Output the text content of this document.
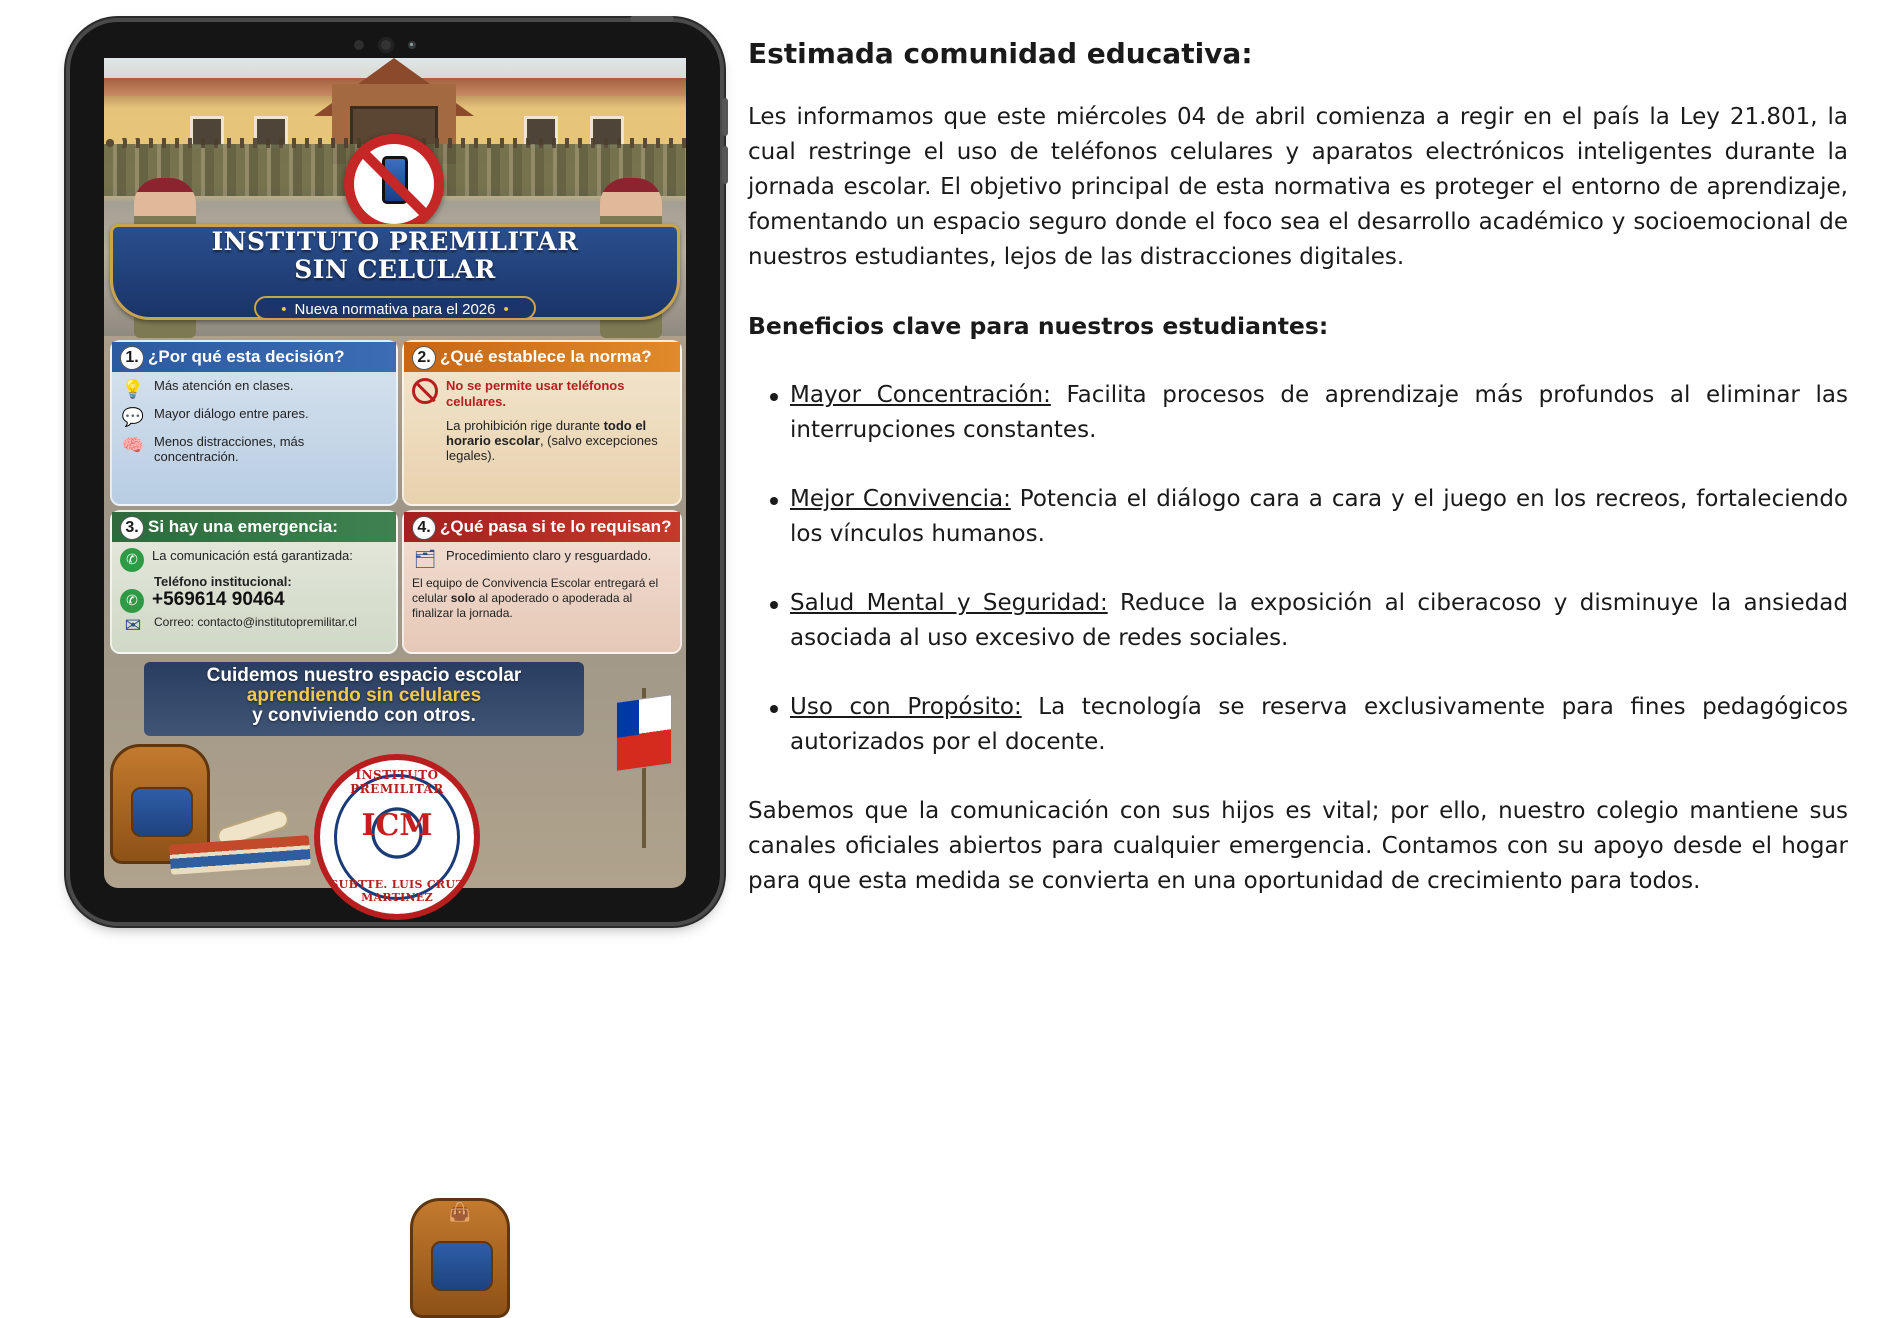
INSTITUTO PREMILITAR
SIN CELULAR
• Nueva normativa para el 2026 •
1. ¿Por qué esta decisión?
💡 Más atención en clases.
💬 Mayor diálogo entre pares.
🧠 Menos distracciones, más concentración.
2. ¿Qué establece la norma?
No se permite usar teléfonos celulares.
La prohibición rige durante todo el horario escolar, (salvo excepciones legales).
3. Si hay una emergencia:
✆	La comunicación está garantizada:
Teléfono institucional:
✆ +569614 90464
✉	Correo: contacto@institutopremilitar.cl
4. ¿Qué pasa si te lo requisan?
🗂 Procedimiento claro y resguardado.
👜
El equipo de Convivencia Escolar entregará el celular solo al apoderado o apoderada al finalizar la jornada.
Cuidemos nuestro espacio escolar
aprendiendo sin celulares
y conviviendo con otros.
INSTITUTO PREMILITAR
ICM
SUBTTE. LUIS CRUZ MARTINEZ
Estimada comunidad educativa:

Les informamos que este miércoles 04 de abril comienza a regir en el país la Ley 21.801, la cual restringe el uso de teléfonos celulares y aparatos electrónicos inteligentes durante la jornada escolar. El objetivo principal de esta normativa es proteger el entorno de aprendizaje, fomentando un espacio seguro donde el foco sea el desarrollo académico y socioemocional de nuestros estudiantes, lejos de las distracciones digitales.

Beneficios clave para nuestros estudiantes:
Mayor Concentración: Facilita procesos de aprendizaje más profundos al eliminar las interrupciones constantes.
Mejor Convivencia: Potencia el diálogo cara a cara y el juego en los recreos, fortaleciendo los vínculos humanos.
Salud Mental y Seguridad: Reduce la exposición al ciberacoso y disminuye la ansiedad asociada al uso excesivo de redes sociales.
Uso con Propósito: La tecnología se reserva exclusivamente para fines pedagógicos autorizados por el docente.

Sabemos que la comunicación con sus hijos es vital; por ello, nuestro colegio mantiene sus canales oficiales abiertos para cualquier emergencia. Contamos con su apoyo desde el hogar para que esta medida se convierta en una oportunidad de crecimiento para todos.
